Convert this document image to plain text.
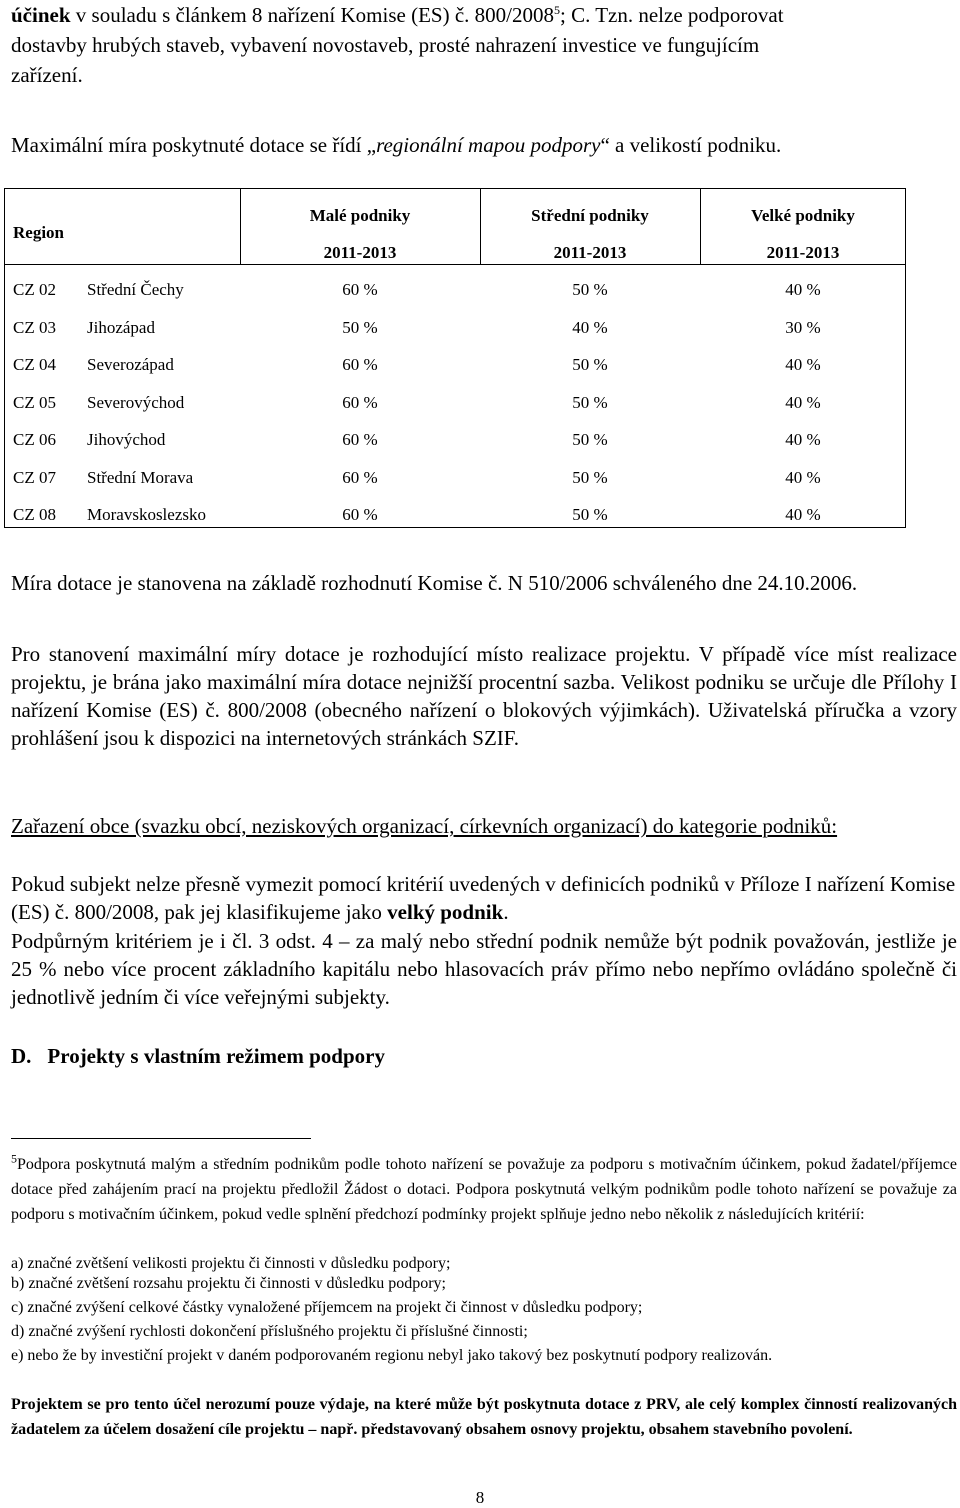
účinek v souladu s článkem 8 nařízení Komise (ES) č. 800/2008$^5$; C. Tzn. nelze podporovat
dostavby hrubých staveb, vybavení novostaveb, prosté nahrazení investice ve fungujícím
zařízení.
Maximální míra poskytnuté dotace se řídí „regionální mapou podpory“ a velikostí podniku.
Region
Malé podniky	Střední podniky	Velké podniky
2011-2013	2011-2013	2011-2013
CZ 02 Střední Čechy	60 %	50 %	40 %
CZ 03 Jihozápad	50 %	40 %	30 %
CZ 04 Severozápad	60 %	50 %	40 %
CZ 05 Severovýchod	60 %	50 %	40 %
CZ 06 Jihovýchod	60 %	50 %	40 %
CZ 07 Střední Morava	60 %	50 %	40 %
CZ 08 Moravskoslezsko	60 %	50 %	40 %
Míra dotace je stanovena na základě rozhodnutí Komise č. N 510/2006 schváleného dne 24.10.2006.
Pro stanovení maximální míry dotace je rozhodující místo realizace projektu. V případě více míst realizace projektu, je brána jako maximální míra dotace nejnižší procentní sazba. Velikost podniku se určuje dle Přílohy I nařízení Komise (ES) č. 800/2008 (obecného nařízení o blokových výjimkách). Uživatelská příručka a vzory prohlášení jsou k dispozici na internetových stránkách SZIF.
Zařazení obce (svazku obcí, neziskových organizací, církevních organizací) do kategorie podniků:
Pokud subjekt nelze přesně vymezit pomocí kritérií uvedených v definicích podniků v Příloze I nařízení Komise (ES) č. 800/2008, pak jej klasifikujeme jako velký podnik.
Podpůrným kritériem je i čl. 3 odst. 4 – za malý nebo střední podnik nemůže být podnik považován, jestliže je 25 % nebo více procent základního kapitálu nebo hlasovacích práv přímo nebo nepřímo ovládáno společně či jednotlivě jedním či více veřejnými subjekty.
D. Projekty s vlastním režimem podpory
$^5$Podpora poskytnutá malým a středním podnikům podle tohoto nařízení se považuje za podporu s motivačním účinkem, pokud žadatel/příjemce dotace před zahájením prací na projektu předložil Žádost o dotaci. Podpora poskytnutá velkým podnikům podle tohoto nařízení se považuje za podporu s motivačním účinkem, pokud vedle splnění předchozí podmínky projekt splňuje jedno nebo několik z následujících kritérií:
a) značné zvětšení velikosti projektu či činnosti v důsledku podpory;
b) značné zvětšení rozsahu projektu či činnosti v důsledku podpory;
c) značné zvýšení celkové částky vynaložené příjemcem na projekt či činnost v důsledku podpory;
d) značné zvýšení rychlosti dokončení příslušného projektu či příslušné činnosti;
e) nebo že by investiční projekt v daném podporovaném regionu nebyl jako takový bez poskytnutí podpory realizován.
Projektem se pro tento účel nerozumí pouze výdaje, na které může být poskytnuta dotace z PRV, ale celý komplex činností realizovaných žadatelem za účelem dosažení cíle projektu – např. představovaný obsahem osnovy projektu, obsahem stavebního povolení.
8
